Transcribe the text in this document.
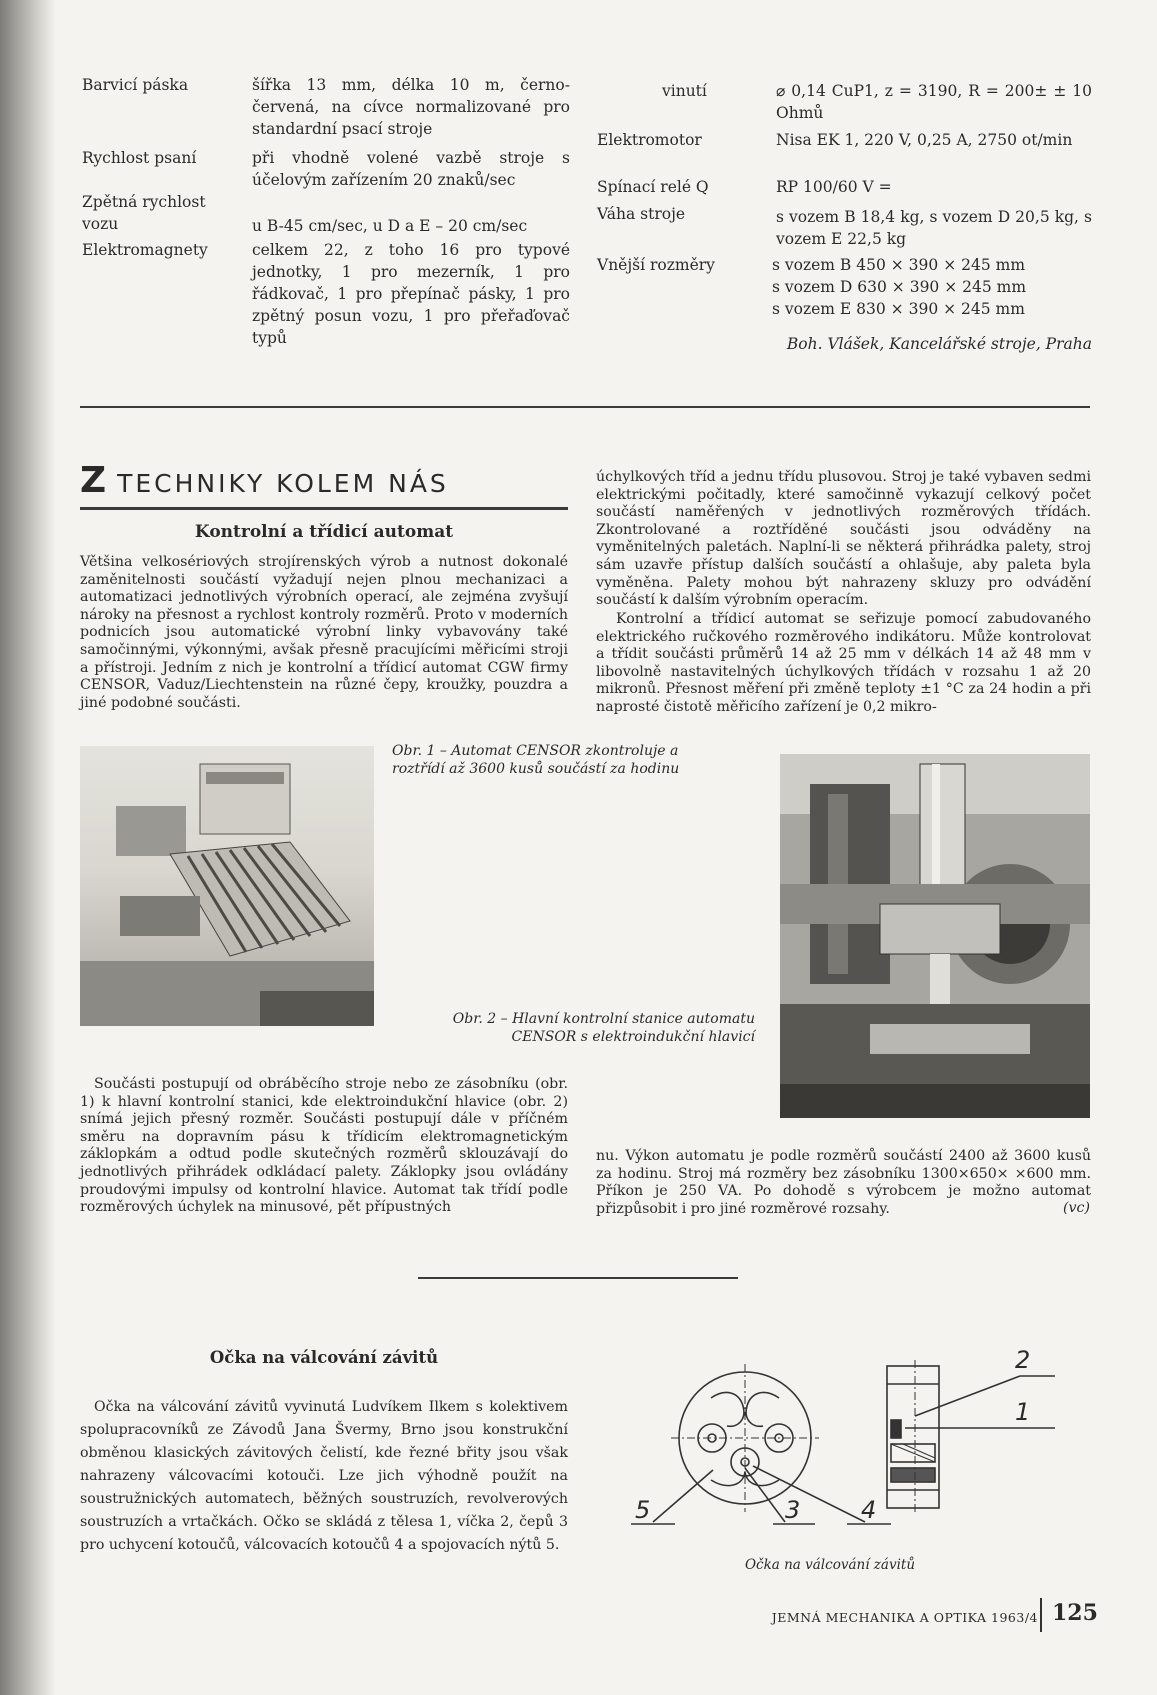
Barvicí páska	šířka 13 mm, délka 10 m, černo-červená, na cívce normalizované pro standardní psací stroje
Rychlost psaní	při vhodně volené vazbě stroje s účelovým zařízením 20 znaků/sec
Zpětná rychlost vozu	u B-45 cm/sec, u D a E – 20 cm/sec
Elektromagnety	celkem 22, z toho 16 pro typové jednotky, 1 pro mezerník, 1 pro řádkovač, 1 pro přepínač pásky, 1 pro zpětný posun vozu, 1 pro přeřaďovač typů
vinutí	⌀ 0,14 CuP1, z = 3190, R = 200± ± 10 Ohmů
Elektromotor	Nisa EK 1, 220 V, 0,25 A, 2750 ot/min
Spínací relé Q	RP 100/60 V =
Váha stroje	s vozem B 18,4 kg, s vozem D 20,5 kg, s vozem E 22,5 kg
Vnější rozměry	s vozem B 450 × 390 × 245 mm
s vozem D 630 × 390 × 245 mm
s vozem E 830 × 390 × 245 mm
Boh. Vlášek, Kancelářské stroje, Praha
Z TECHNIKY KOLEM NÁS
Kontrolní a třídicí automat
Většina velkosériových strojírenských výrob a nutnost dokonalé zaměnitelnosti součástí vyžadují nejen plnou mechanizaci a automatizaci jednotlivých výrobních operací, ale zejména zvyšují nároky na přesnost a rychlost kontroly rozměrů. Proto v moderních podnicích jsou automatické výrobní linky vybavovány také samočinnými, výkonnými, avšak přesně pracujícími měřicími stroji a přístroji. Jedním z nich je kontrolní a třídicí automat CGW firmy CENSOR, Vaduz/Liechtenstein na různé čepy, kroužky, pouzdra a jiné podobné součásti.
úchylkových tříd a jednu třídu plusovou. Stroj je také vybaven sedmi elektrickými počitadly, které samočinně vykazují celkový počet součástí naměřených v jednotlivých rozměrových třídách. Zkontrolované a roztříděné součásti jsou odváděny na vyměnitelných paletách. Naplní-li se některá přihrádka palety, stroj sám uzavře přístup dalších součástí a ohlašuje, aby paleta byla vyměněna. Palety mohou být nahrazeny skluzy pro odvádění součástí k dalším výrobním operacím.
Kontrolní a třídicí automat se seřizuje pomocí zabudovaného elektrického ručkového rozměrového indikátoru. Může kontrolovat a třídit součásti průměrů 14 až 25 mm v délkách 14 až 48 mm v libovolně nastavitelných úchylkových třídách v rozsahu 1 až 20 mikronů. Přesnost měření při změně teploty ±1 °C za 24 hodin a při naprosté čistotě měřicího zařízení je 0,2 mikro-
Obr. 1 – Automat CENSOR zkontroluje a roztřídí až 3600 kusů součástí za hodinu
Obr. 2 – Hlavní kontrolní stanice automatu CENSOR s elektroindukční hlavicí
Součásti postupují od obráběcího stroje nebo ze zásobníku (obr. 1) k hlavní kontrolní stanici, kde elektroindukční hlavice (obr. 2) snímá jejich přesný rozměr. Součásti postupují dále v příčném směru na dopravním pásu k třídicím elektromagnetickým záklopkám a odtud podle skutečných rozměrů sklouzávají do jednotlivých přihrádek odkládací palety. Záklopky jsou ovládány proudovými impulsy od kontrolní hlavice. Automat tak třídí podle rozměrových úchylek na minusové, pět přípustných
nu. Výkon automatu je podle rozměrů součástí 2400 až 3600 kusů za hodinu. Stroj má rozměry bez zásobníku 1300×650× ×600 mm. Příkon je 250 VA. Po dohodě s výrobcem je možno automat přizpůsobit i pro jiné rozměrové rozsahy.	(vc)
Očka na válcování závitů
Očka na válcování závitů vyvinutá Ludvíkem Ilkem s kolektivem spolupracovníků ze Závodů Jana Švermy, Brno jsou konstrukční obměnou klasických závitových čelistí, kde řezné břity jsou však nahrazeny válcovacími kotouči. Lze jich výhodně použít na soustružnických automatech, běžných soustruzích, revolverových soustruzích a vrtačkách. Očko se skládá z tělesa 1, víčka 2, čepů 3 pro uchycení kotoučů, válcovacích kotoučů 4 a spojovacích nýtů 5.
2
1
5	3	4
Očka na válcování závitů
JEMNÁ MECHANIKA A OPTIKA 1963/4 125
